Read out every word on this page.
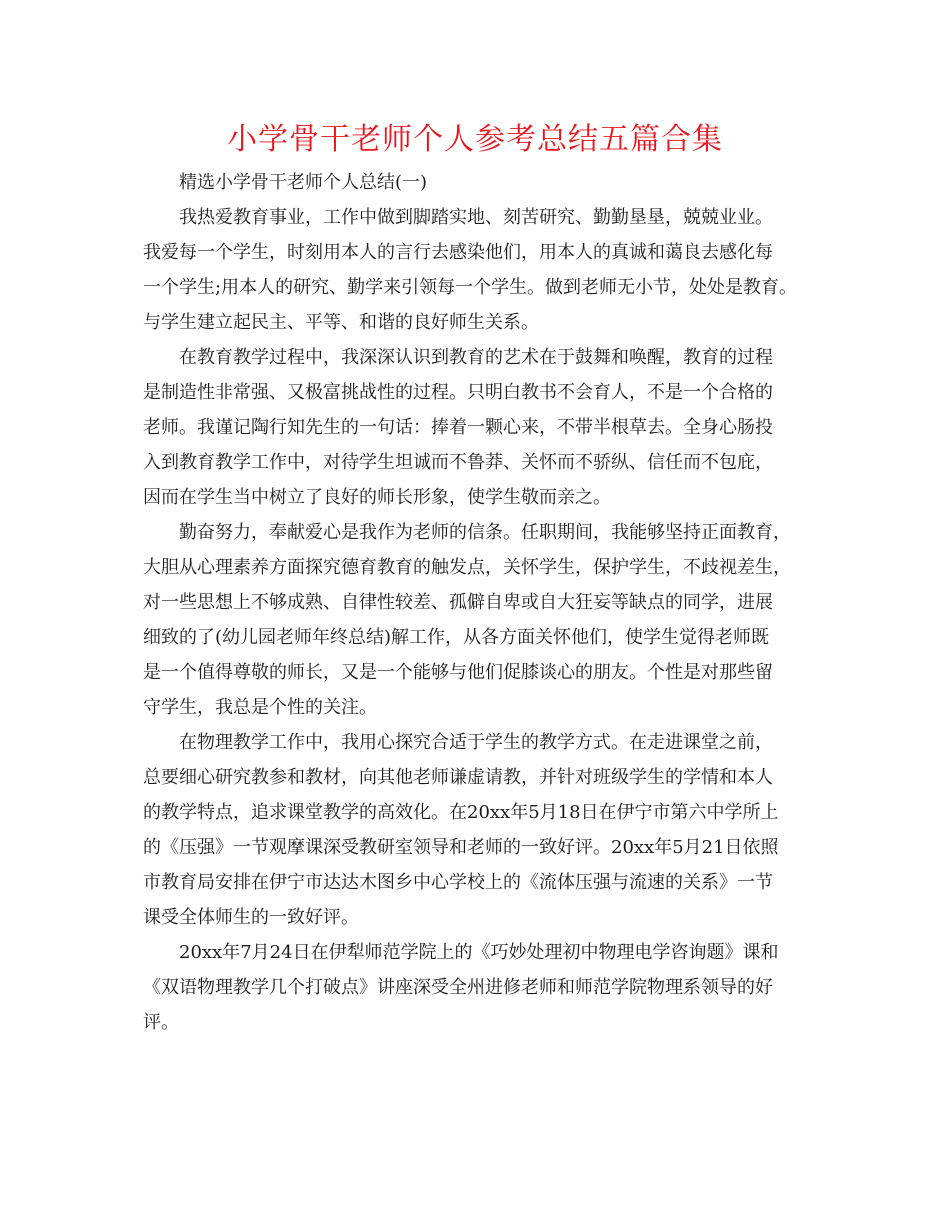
小学骨干老师个人参考总结五篇合集
精选小学骨干老师个人总结(一)
我热爱教育事业，工作中做到脚踏实地、刻苦研究、勤勤垦垦，兢兢业业。
我爱每一个学生，时刻用本人的言行去感染他们，用本人的真诚和蔼良去感化每
一个学生;用本人的研究、勤学来引领每一个学生。做到老师无小节，处处是教育。
与学生建立起民主、平等、和谐的良好师生关系。
在教育教学过程中，我深深认识到教育的艺术在于鼓舞和唤醒，教育的过程
是制造性非常强、又极富挑战性的过程。只明白教书不会育人，不是一个合格的
老师。我谨记陶行知先生的一句话：捧着一颗心来，不带半根草去。全身心肠投
入到教育教学工作中，对待学生坦诚而不鲁莽、关怀而不骄纵、信任而不包庇，
因而在学生当中树立了良好的师长形象，使学生敬而亲之。
勤奋努力，奉献爱心是我作为老师的信条。任职期间，我能够坚持正面教育，
大胆从心理素养方面探究德育教育的触发点，关怀学生，保护学生，不歧视差生，
对一些思想上不够成熟、自律性较差、孤僻自卑或自大狂妄等缺点的同学，进展
细致的了(幼儿园老师年终总结)解工作，从各方面关怀他们，使学生觉得老师既
是一个值得尊敬的师长，又是一个能够与他们促膝谈心的朋友。个性是对那些留
守学生，我总是个性的关注。
在物理教学工作中，我用心探究合适于学生的教学方式。在走进课堂之前，
总要细心研究教参和教材，向其他老师谦虚请教，并针对班级学生的学情和本人
的教学特点，追求课堂教学的高效化。在20xx年5月18日在伊宁市第六中学所上
的《压强》一节观摩课深受教研室领导和老师的一致好评。20xx年5月21日依照
市教育局安排在伊宁市达达木图乡中心学校上的《流体压强与流速的关系》一节
课受全体师生的一致好评。
20xx年7月24日在伊犁师范学院上的《巧妙处理初中物理电学咨询题》课和
《双语物理教学几个打破点》讲座深受全州进修老师和师范学院物理系领导的好
评。
